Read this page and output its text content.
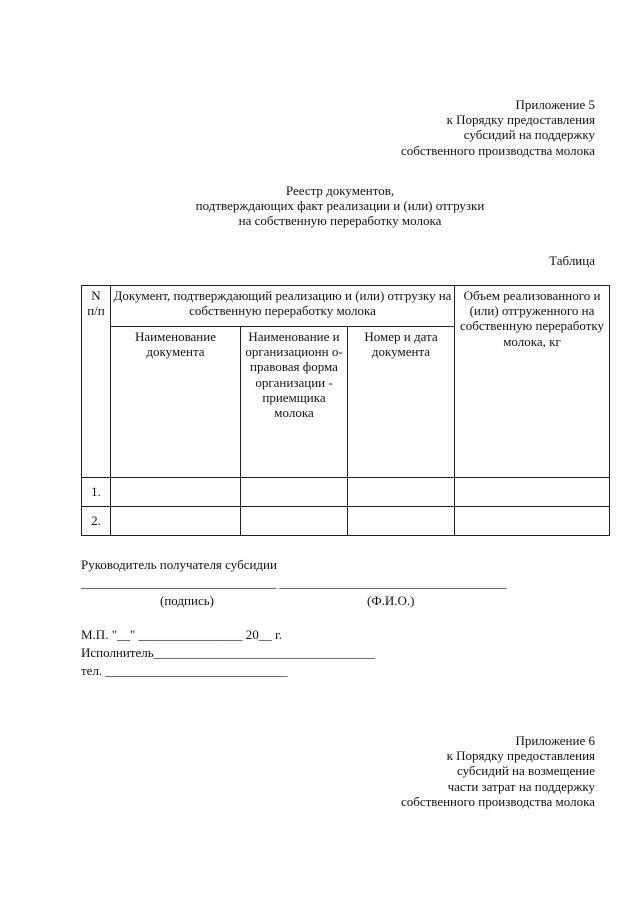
Приложение 5
к Порядку предоставления
субсидий на поддержку
собственного производства молока
Реестр документов,
подтверждающих факт реализации и (или) отгрузки
на собственную переработку молока
Таблица
N
п/п	Документ, подтверждающий реализацию и (или) отгрузку на собственную переработку молока			Объем реализованного и (или) отгруженного на собственную переработку молока, кг
	Наименование документа	Наименование и организационн о-правовая форма организации - приемщика молока	Номер и дата документа	
1.				
2.				
Руководитель получателя субсидии
______________________________ ___________________________________
(подпись)	(Ф.И.О.)
М.П. "__" ________________ 20__ г.
Исполнитель__________________________________
тел. ____________________________
Приложение 6
к Порядку предоставления
субсидий на возмещение
части затрат на поддержку
собственного производства молока
